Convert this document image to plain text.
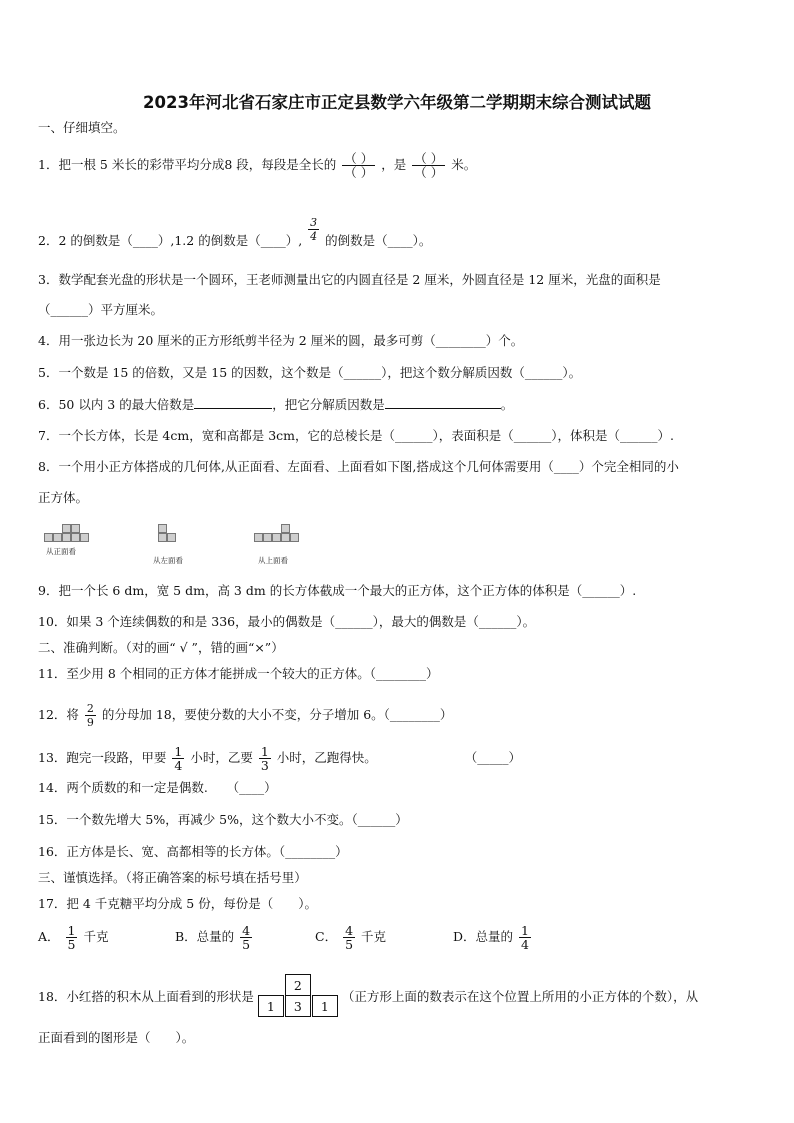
2023年河北省石家庄市正定县数学六年级第二学期期末综合测试试题
一、仔细填空。
1．把一根 5 米长的彩带平均分成8 段，每段是全长的 $\frac{( )}{( )}$ ，是 $\frac{( )}{( )}$ 米。
2．2 的倒数是（____）,1.2 的倒数是（____）, $\frac{3}{4}$ 的倒数是（____）。
3．数学配套光盘的形状是一个圆环，王老师测量出它的内圆直径是 2 厘米，外圆直径是 12 厘米，光盘的面积是
（______）平方厘米。
4．用一张边长为 20 厘米的正方形纸剪半径为 2 厘米的圆，最多可剪（________）个。
5．一个数是 15 的倍数，又是 15 的因数，这个数是（______），把这个数分解质因数（______）。
6．50 以内 3 的最大倍数是	，把它分解质因数是	。
7．一个长方体，长是 4cm，宽和高都是 3cm，它的总棱长是（______），表面积是（______），体积是（______）.
8．一个用小正方体搭成的几何体,从正面看、左面看、上面看如下图,搭成这个几何体需要用（____）个完全相同的小
正方体。
从正面看
从左面看	从上面看
9．把一个长 6 dm，宽 5 dm，高 3 dm 的长方体截成一个最大的正方体，这个正方体的体积是（______）.
10．如果 3 个连续偶数的和是 336，最小的偶数是（______），最大的偶数是（______）。
二、准确判断。（对的画“ √ ”，错的画“×”）
11．至少用 8 个相同的正方体才能拼成一个较大的正方体。（________）
12．将 $\frac{2}{9}$ 的分母加 18，要使分数的大小不变，分子增加 6。（________）
13．跑完一段路，甲要 $\frac{1}{4}$ 小时，乙要 $\frac{1}{3}$ 小时，乙跑得快。	（_____）
14．两个质数的和一定是偶数.　　（____）
15．一个数先增大 5%，再减少 5%，这个数大小不变。（______）
16．正方体是长、宽、高都相等的长方体。（________）
三、谨慎选择。（将正确答案的标号填在括号里）
17．把 4 千克糖平均分成 5 份，每份是（　　）。
A． $\frac{1}{5}$ 千克	B．总量的 $\frac{4}{5}$	C． $\frac{4}{5}$ 千克	D．总量的 $\frac{1}{4}$
18．小红搭的积木从上面看到的形状是
2
1	3	1
（正方形上面的数表示在这个位置上所用的小正方体的个数），从
正面看到的图形是（　　）。
